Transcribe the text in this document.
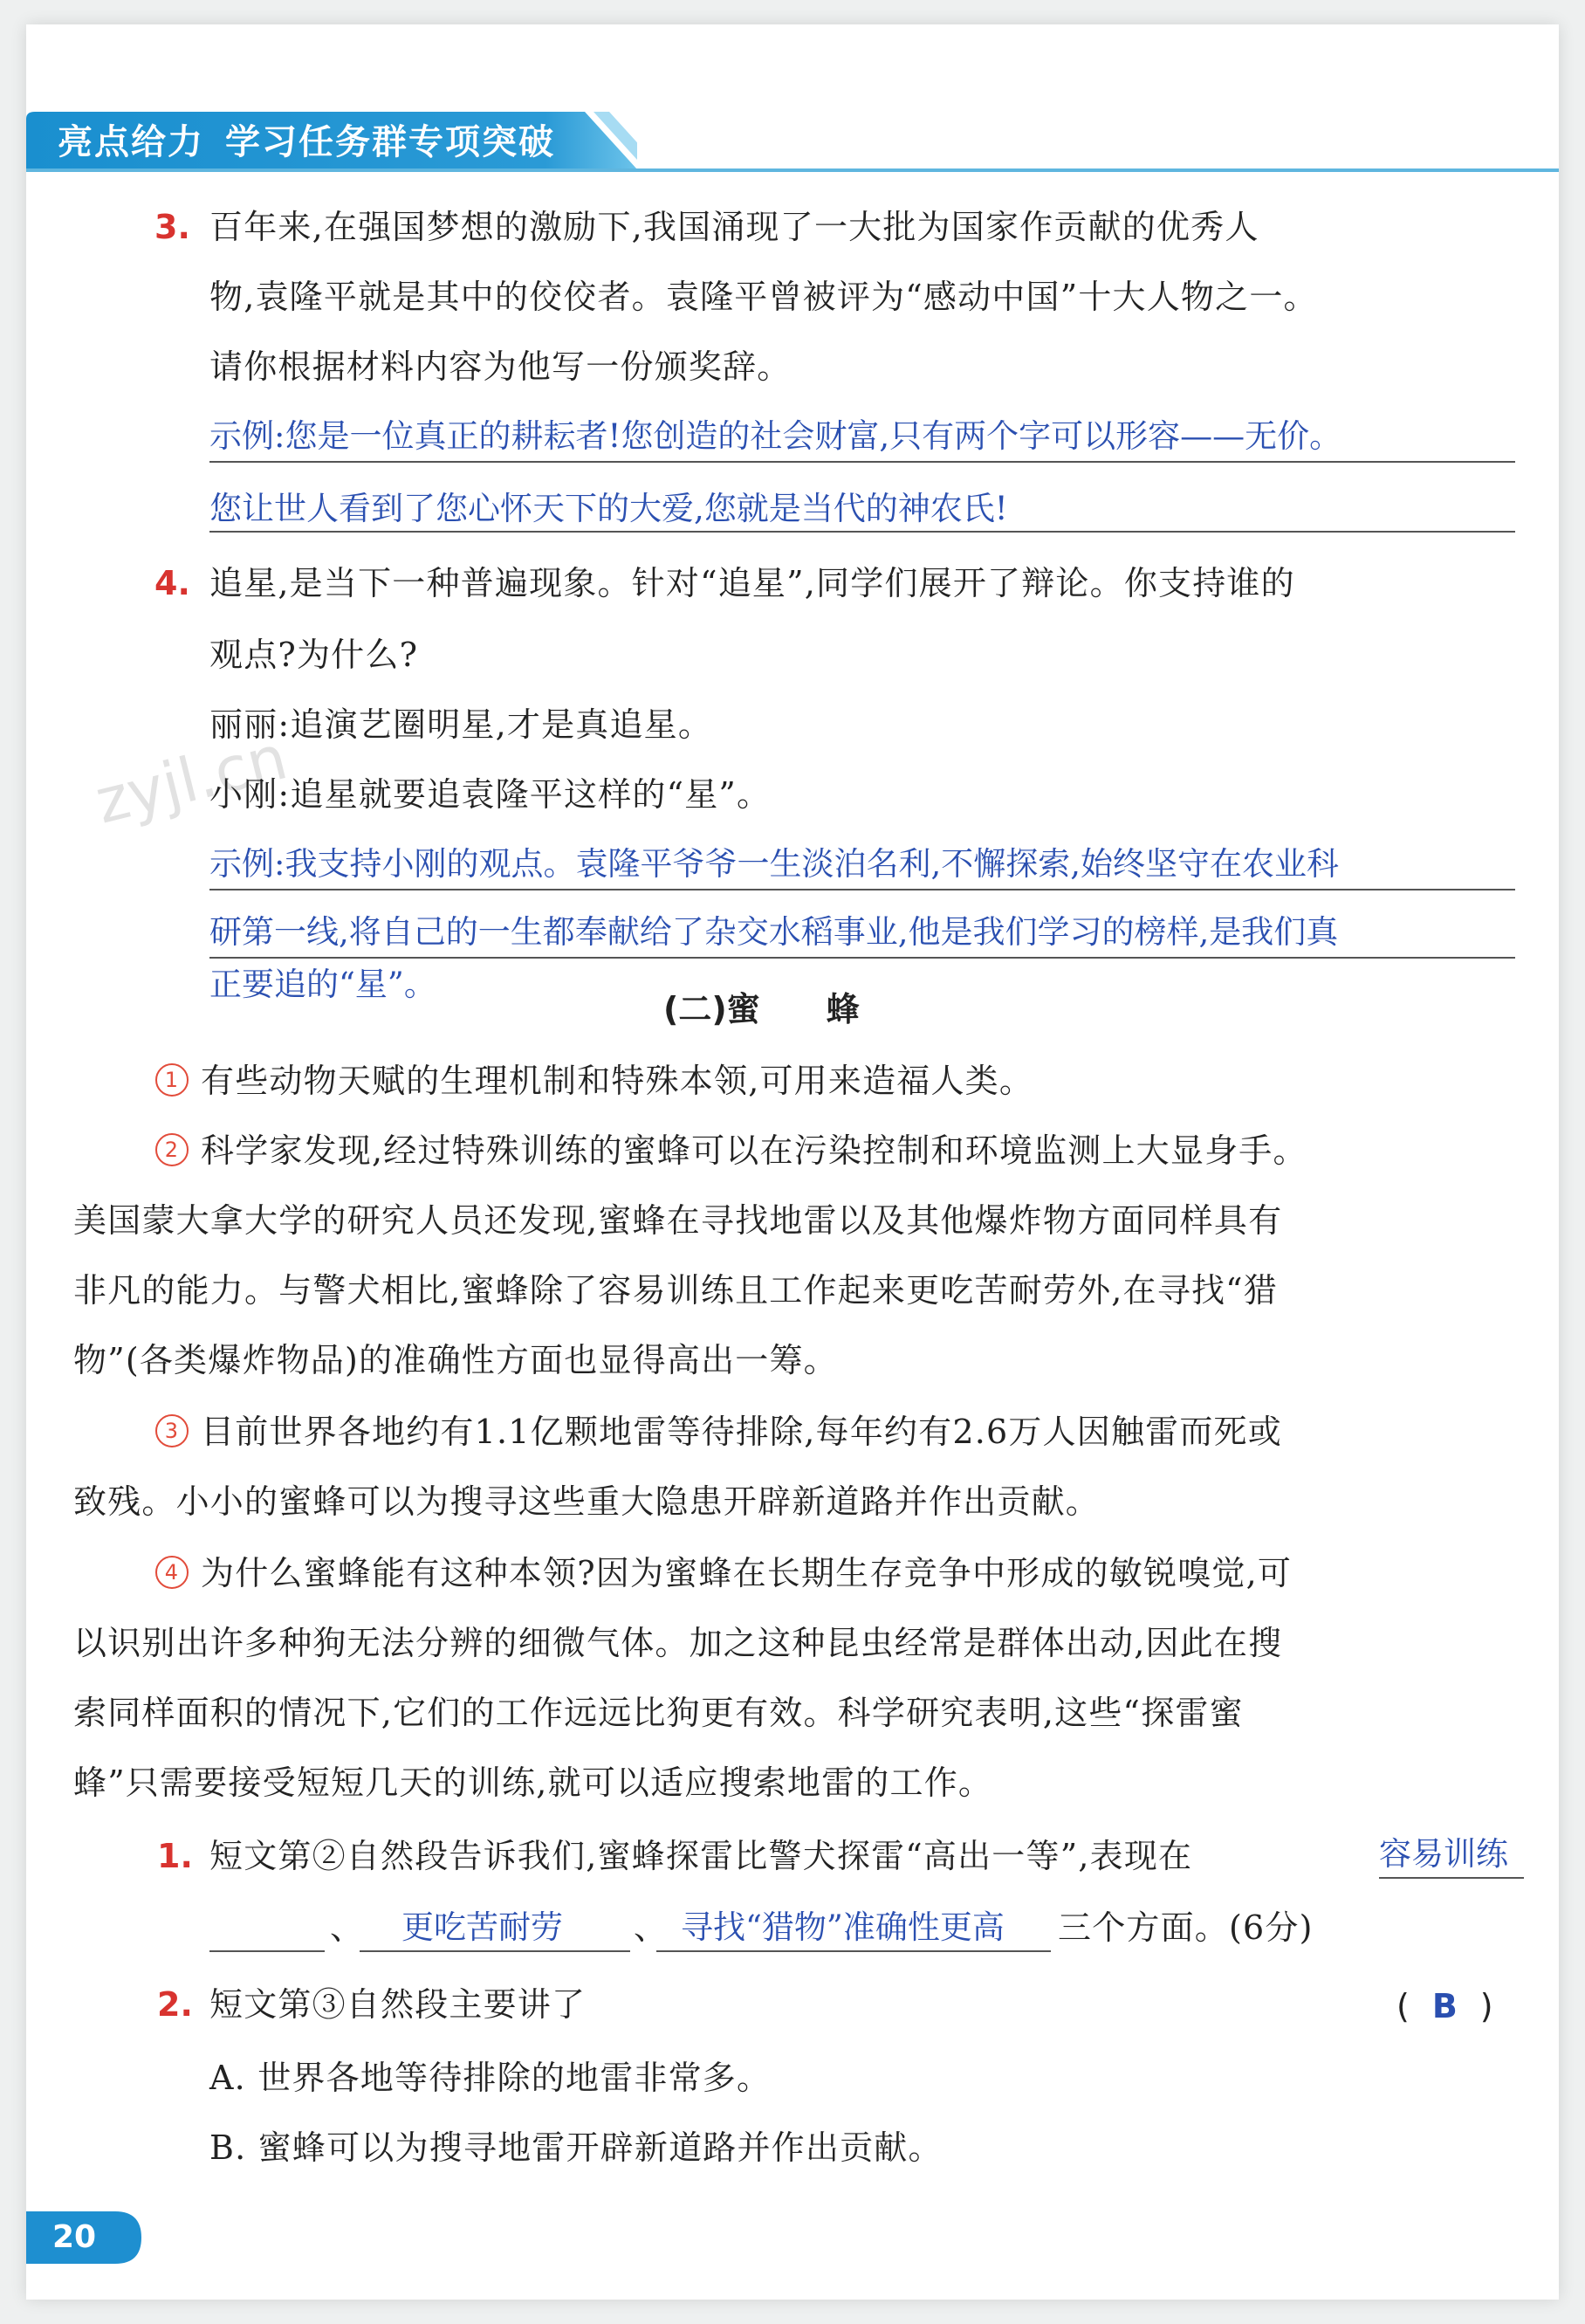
亮点给力 学习任务群专项突破
3. 百年来,在强国梦想的激励下,我国涌现了一大批为国家作贡献的优秀人
物,袁隆平就是其中的佼佼者。袁隆平曾被评为“感动中国”十大人物之一。
请你根据材料内容为他写一份颁奖辞。
示例:您是一位真正的耕耘者!您创造的社会财富,只有两个字可以形容——无价。
您让世人看到了您心怀天下的大爱,您就是当代的神农氏!
4. 追星,是当下一种普遍现象。针对“追星”,同学们展开了辩论。你支持谁的
观点?为什么?
丽丽:追演艺圈明星,才是真追星。
zyjl.cn
小刚:追星就要追袁隆平这样的“星”。
示例:我支持小刚的观点。袁隆平爷爷一生淡泊名利,不懈探索,始终坚守在农业科
研第一线,将自己的一生都奉献给了杂交水稻事业,他是我们学习的榜样,是我们真
正要追的“星”。
(二)蜜　　蜂
1 有些动物天赋的生理机制和特殊本领,可用来造福人类。
2 科学家发现,经过特殊训练的蜜蜂可以在污染控制和环境监测上大显身手。
美国蒙大拿大学的研究人员还发现,蜜蜂在寻找地雷以及其他爆炸物方面同样具有
非凡的能力。与警犬相比,蜜蜂除了容易训练且工作起来更吃苦耐劳外,在寻找“猎
物”(各类爆炸物品)的准确性方面也显得高出一筹。
3 目前世界各地约有1.1亿颗地雷等待排除,每年约有2.6万人因触雷而死或
致残。小小的蜜蜂可以为搜寻这些重大隐患开辟新道路并作出贡献。
4 为什么蜜蜂能有这种本领?因为蜜蜂在长期生存竞争中形成的敏锐嗅觉,可
以识别出许多种狗无法分辨的细微气体。加之这种昆虫经常是群体出动,因此在搜
索同样面积的情况下,它们的工作远远比狗更有效。科学研究表明,这些“探雷蜜
蜂”只需要接受短短几天的训练,就可以适应搜索地雷的工作。
1. 短文第②自然段告诉我们,蜜蜂探雷比警犬探雷“高出一等”,表现在	容易训练
、 更吃苦耐劳 、 寻找“猎物”准确性更高 三个方面。(6分)
2. 短文第③自然段主要讲了	( B )
A. 世界各地等待排除的地雷非常多。
B. 蜜蜂可以为搜寻地雷开辟新道路并作出贡献。
20
